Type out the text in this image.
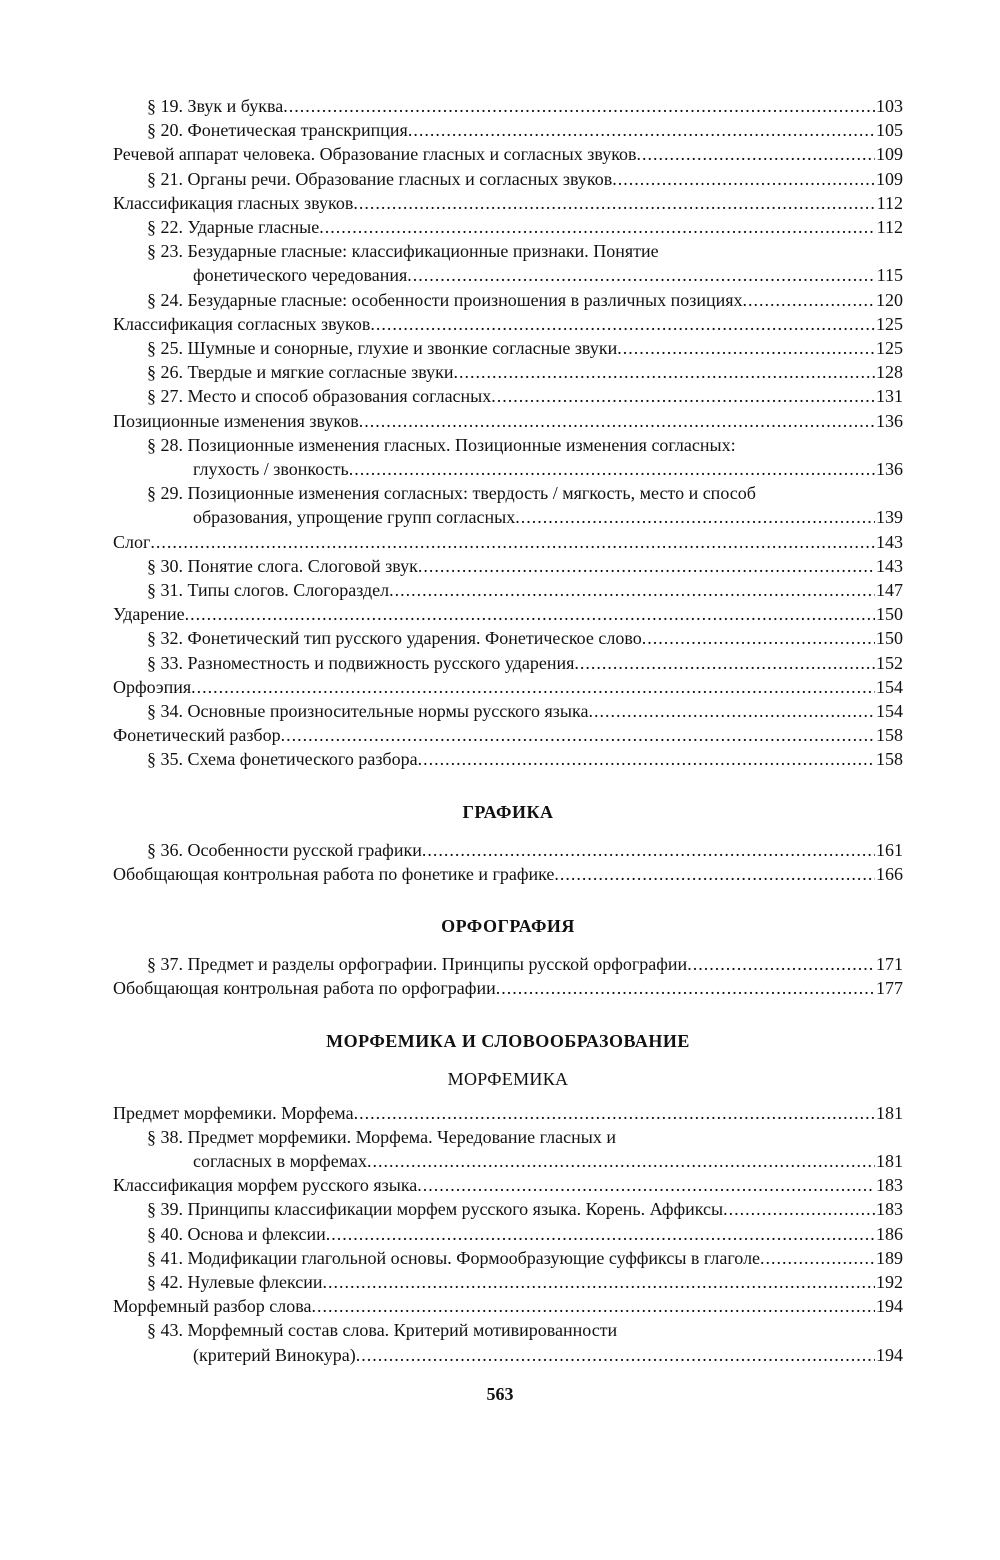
§ 19. Звук и буква .....	103
§ 20. Фонетическая транскрипция .....	105
Речевой аппарат человека. Образование гласных и согласных звуков .....	109
§ 21. Органы речи. Образование гласных и согласных звуков .....	109
Классификация гласных звуков .....	112
§ 22. Ударные гласные .....	112
§ 23. Безударные гласные: классификационные признаки. Понятие
фонетического чередования .....	115
§ 24. Безударные гласные: особенности произношения в различных позициях .....	120
Классификация согласных звуков .....	125
§ 25. Шумные и сонорные, глухие и звонкие согласные звуки .....	125
§ 26. Твердые и мягкие согласные звуки .....	128
§ 27. Место и способ образования согласных .....	131
Позиционные изменения звуков .....	136
§ 28. Позиционные изменения гласных. Позиционные изменения согласных:
глухость / звонкость .....	136
§ 29. Позиционные изменения согласных: твердость / мягкость, место и способ
образования, упрощение групп согласных .....	139
Слог .....	143
§ 30. Понятие слога. Слоговой звук .....	143
§ 31. Типы слогов. Слогораздел .....	147
Ударение .....	150
§ 32. Фонетический тип русского ударения. Фонетическое слово .....	150
§ 33. Разноместность и подвижность русского ударения .....	152
Орфоэпия .....	154
§ 34. Основные произносительные нормы русского языка .....	154
Фонетический разбор .....	158
§ 35. Схема фонетического разбора .....	158
ГРАФИКА
§ 36. Особенности русской графики .....	161
Обобщающая контрольная работа по фонетике и графике .....	166
ОРФОГРАФИЯ
§ 37. Предмет и разделы орфографии. Принципы русской орфографии .....	171
Обобщающая контрольная работа по орфографии .....	177
МОРФЕМИКА И СЛОВООБРАЗОВАНИЕ
МОРФЕМИКА
Предмет морфемики. Морфема .....	181
§ 38. Предмет морфемики. Морфема. Чередование гласных и
согласных в морфемах .....	181
Классификация морфем русского языка .....	183
§ 39. Принципы классификации морфем русского языка. Корень. Аффиксы .....	183
§ 40. Основа и флексии .....	186
§ 41. Модификации глагольной основы. Формообразующие суффиксы в глаголе .....	189
§ 42. Нулевые флексии .....	192
Морфемный разбор слова .....	194
§ 43. Морфемный состав слова. Критерий мотивированности
(критерий Винокура) .....	194
563
